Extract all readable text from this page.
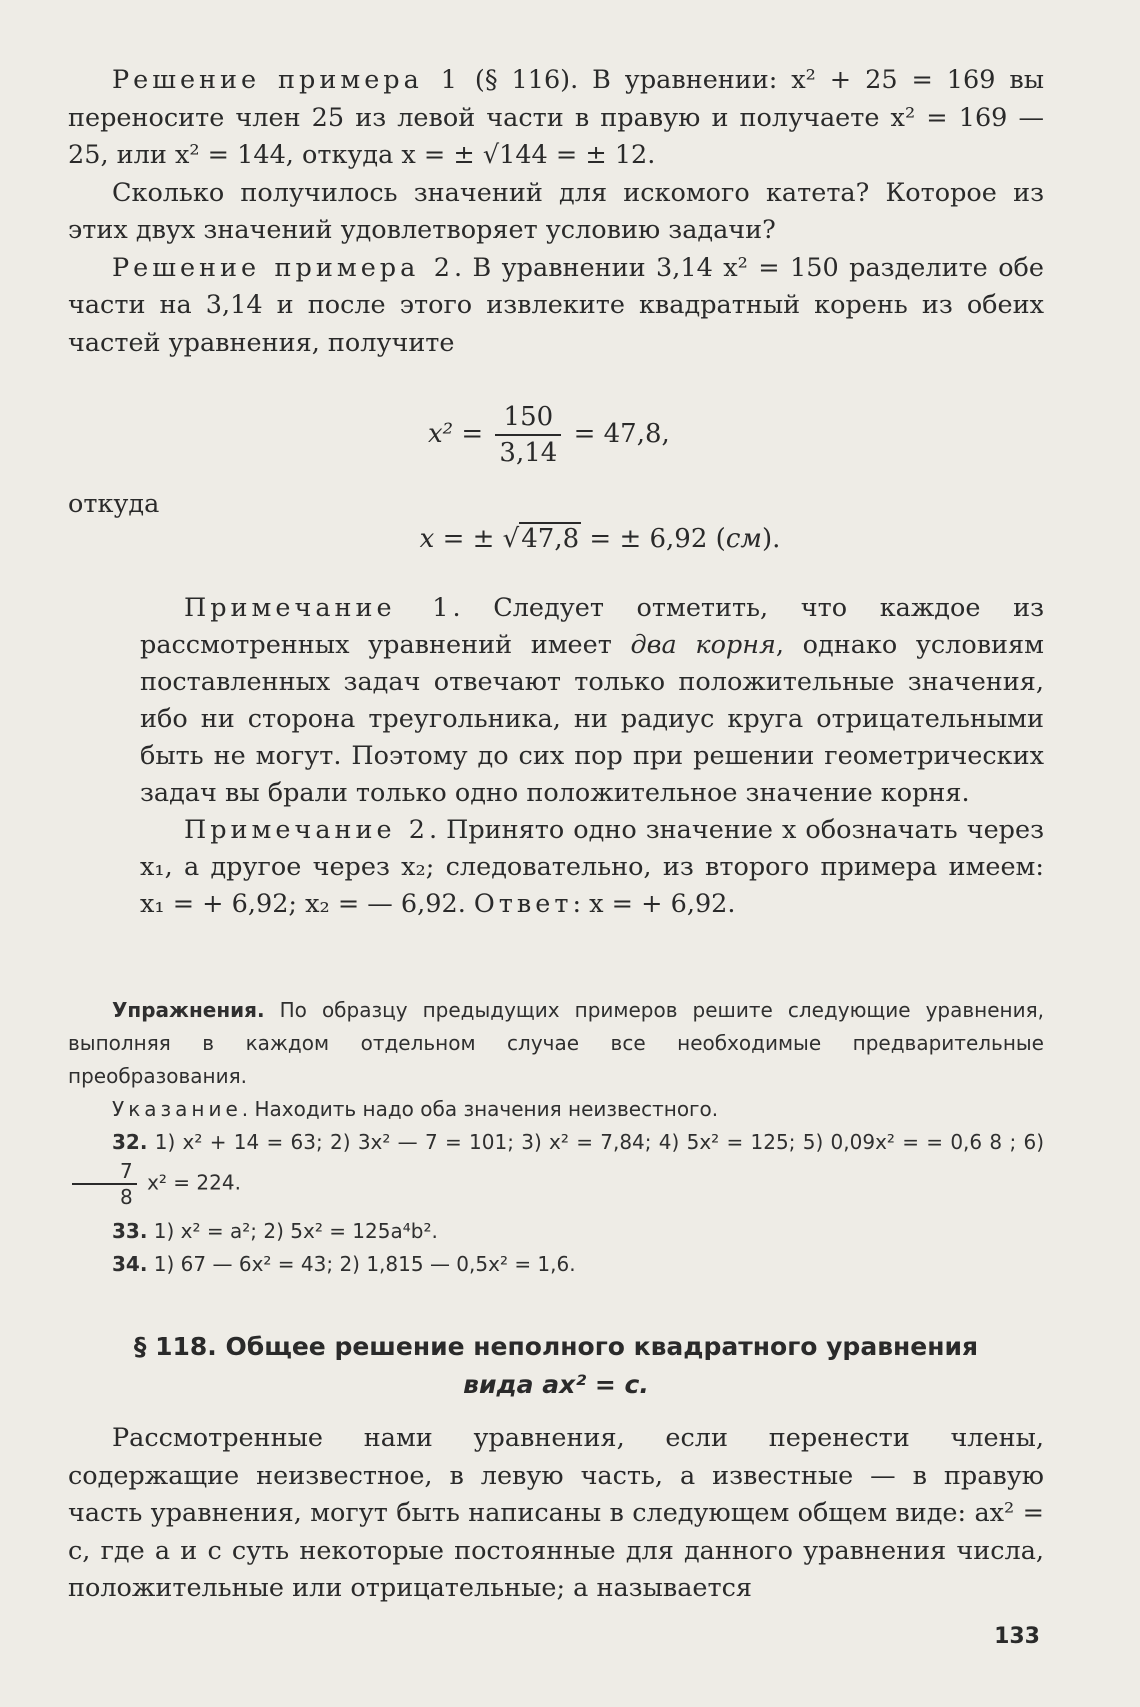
Решение примера 1 (§ 116). В уравнении: x² + 25 = 169 вы переносите член 25 из левой части в правую и получаете x² = 169 — 25, или x² = 144, откуда x = ± √144 = ± 12.

Сколько получилось значений для искомого катета? Которое из этих двух значений удовлетворяет условию задачи?

Решение примера 2. В уравнении 3,14 x² = 150 разделите обе части на 3,14 и после этого извлеките квадратный корень из обеих частей уравнения, получите

$x^2 = \frac{150}{3,14} = 47,8$,

откуда

x = ± √47,8 = ± 6,92 (см).

Примечание 1. Следует отметить, что каждое из рассмотренных уравнений имеет два корня, однако условиям поставленных задач отвечают только положительные значения, ибо ни сторона треугольника, ни радиус круга отрицательными быть не могут. Поэтому до сих пор при решении геометрических задач вы брали только одно положительное значение корня.

Примечание 2. Принято одно значение x обозначать через x₁, а другое через x₂; следовательно, из второго примера имеем: x₁ = + 6,92; x₂ = — 6,92. Ответ: x = + 6,92.

Упражнения. По образцу предыдущих примеров решите следующие уравнения, выполняя в каждом отдельном случае все необходимые предварительные преобразования.

Указание. Находить надо оба значения неизвестного.

32. 1) x² + 14 = 63; 2) 3x² — 7 = 101; 3) x² = 7,84; 4) 5x² = 125; 5) 0,09x² = = 0,6 8 ; 6)
$\frac{7}{8} x^2 = 224$.

33. 1) x² = a²; 2) 5x² = 125a⁴b².

34. 1) 67 — 6x² = 43; 2) 1,815 — 0,5x² = 1,6.

§ 118. Общее решение неполного квадратного уравнения
вида ax² = c.

Рассмотренные нами уравнения, если перенести члены, содержащие неизвестное, в левую часть, а известные — в правую часть уравнения, могут быть написаны в следующем общем виде: ax² = c, где a и c суть некоторые постоянные для данного уравнения числа, положительные или отрицательные; a называется

133
